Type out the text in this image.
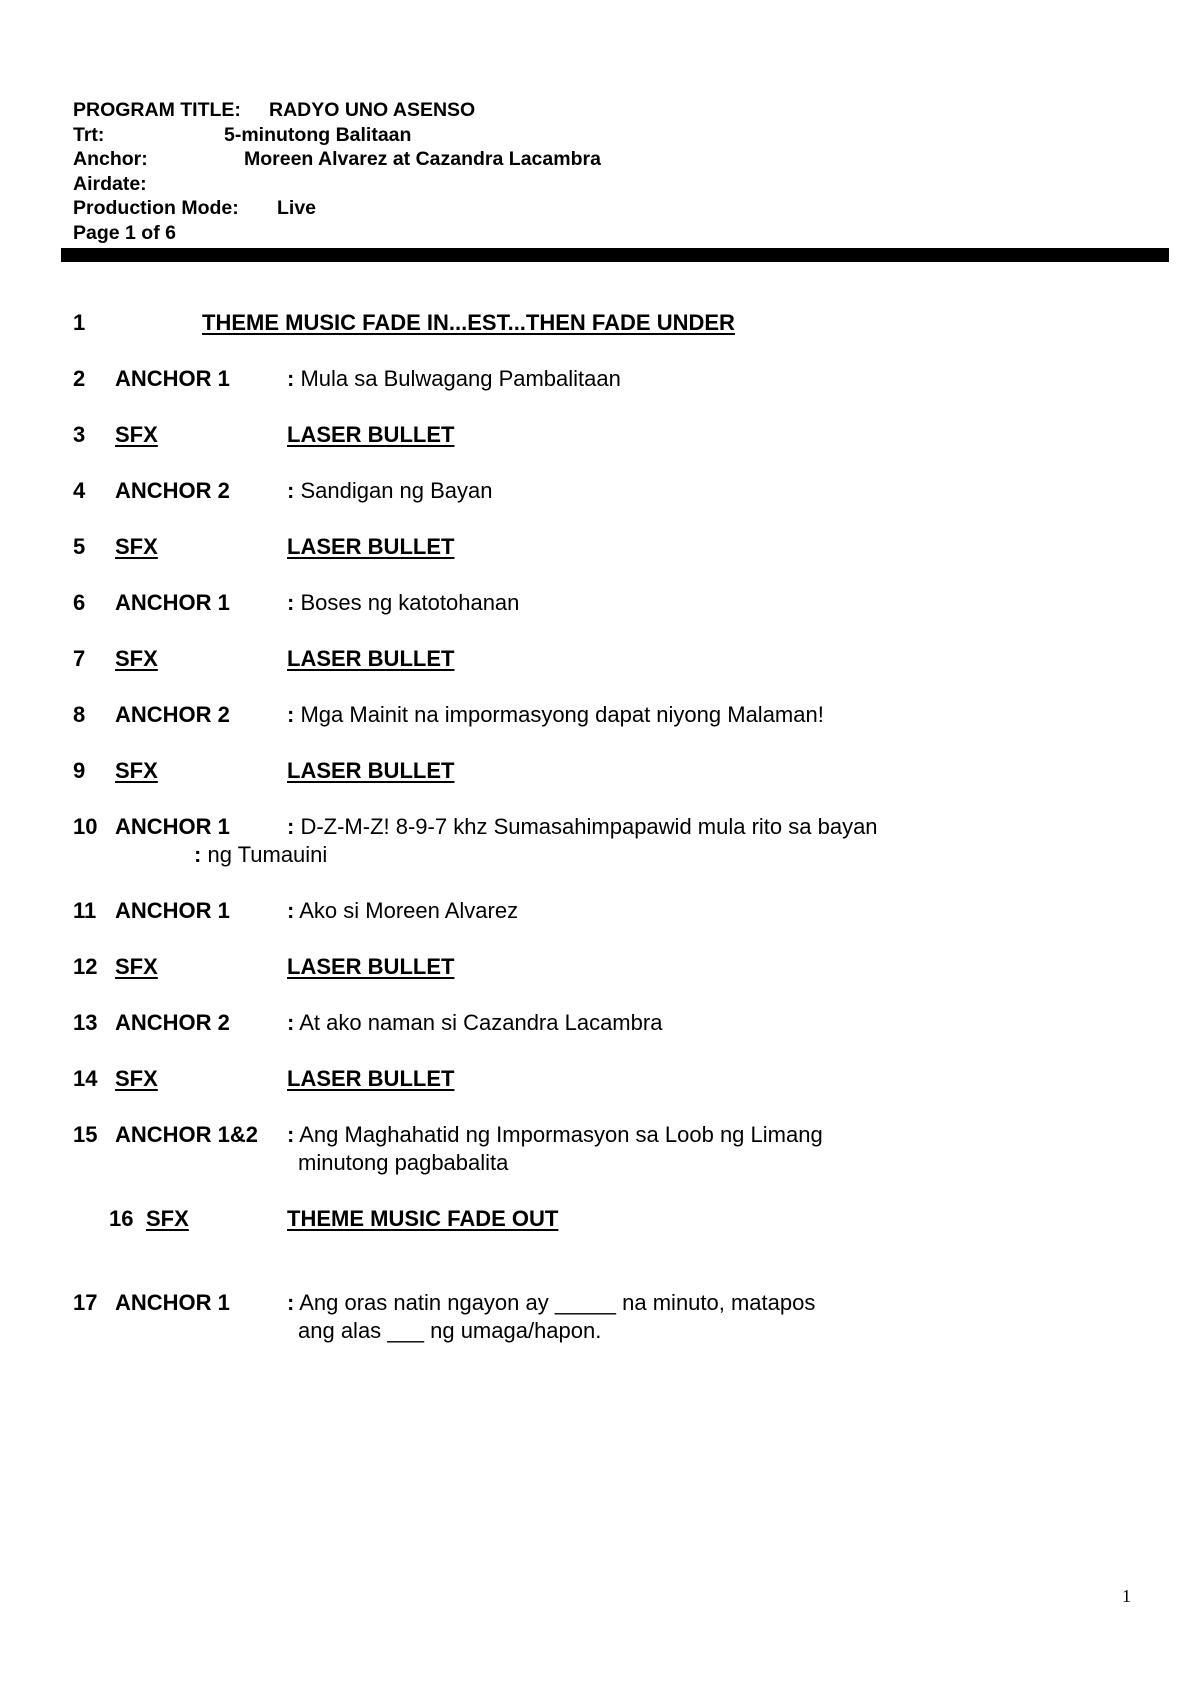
PROGRAM TITLE: RADYO UNO ASENSO
Trt:	5-minutong Balitaan
Anchor:	Moreen Alvarez at Cazandra Lacambra
Airdate:
Production Mode: Live
Page 1 of 6
1	THEME MUSIC FADE IN...EST...THEN FADE UNDER
2 ANCHOR 1	: Mula sa Bulwagang Pambalitaan
3 SFX	LASER BULLET
4 ANCHOR 2	: Sandigan ng Bayan
5 SFX	LASER BULLET
6 ANCHOR 1	: Boses ng katotohanan
7 SFX	LASER BULLET
8 ANCHOR 2	: Mga Mainit na impormasyong dapat niyong Malaman!
9 SFX	LASER BULLET
10 ANCHOR 1	: D-Z-M-Z! 8-9-7 khz Sumasahimpapawid mula rito sa bayan
: ng Tumauini
11 ANCHOR 1	: Ako si Moreen Alvarez
12 SFX	LASER BULLET
13 ANCHOR 2	: At ako naman si Cazandra Lacambra
14 SFX	LASER BULLET
15 ANCHOR 1&2 : Ang Maghahatid ng Impormasyon sa Loob ng Limang
minutong pagbabalita
16 SFX	THEME MUSIC FADE OUT
17 ANCHOR 1	: Ang oras natin ngayon ay _____ na minuto, matapos
ang alas ___ ng umaga/hapon.
1
